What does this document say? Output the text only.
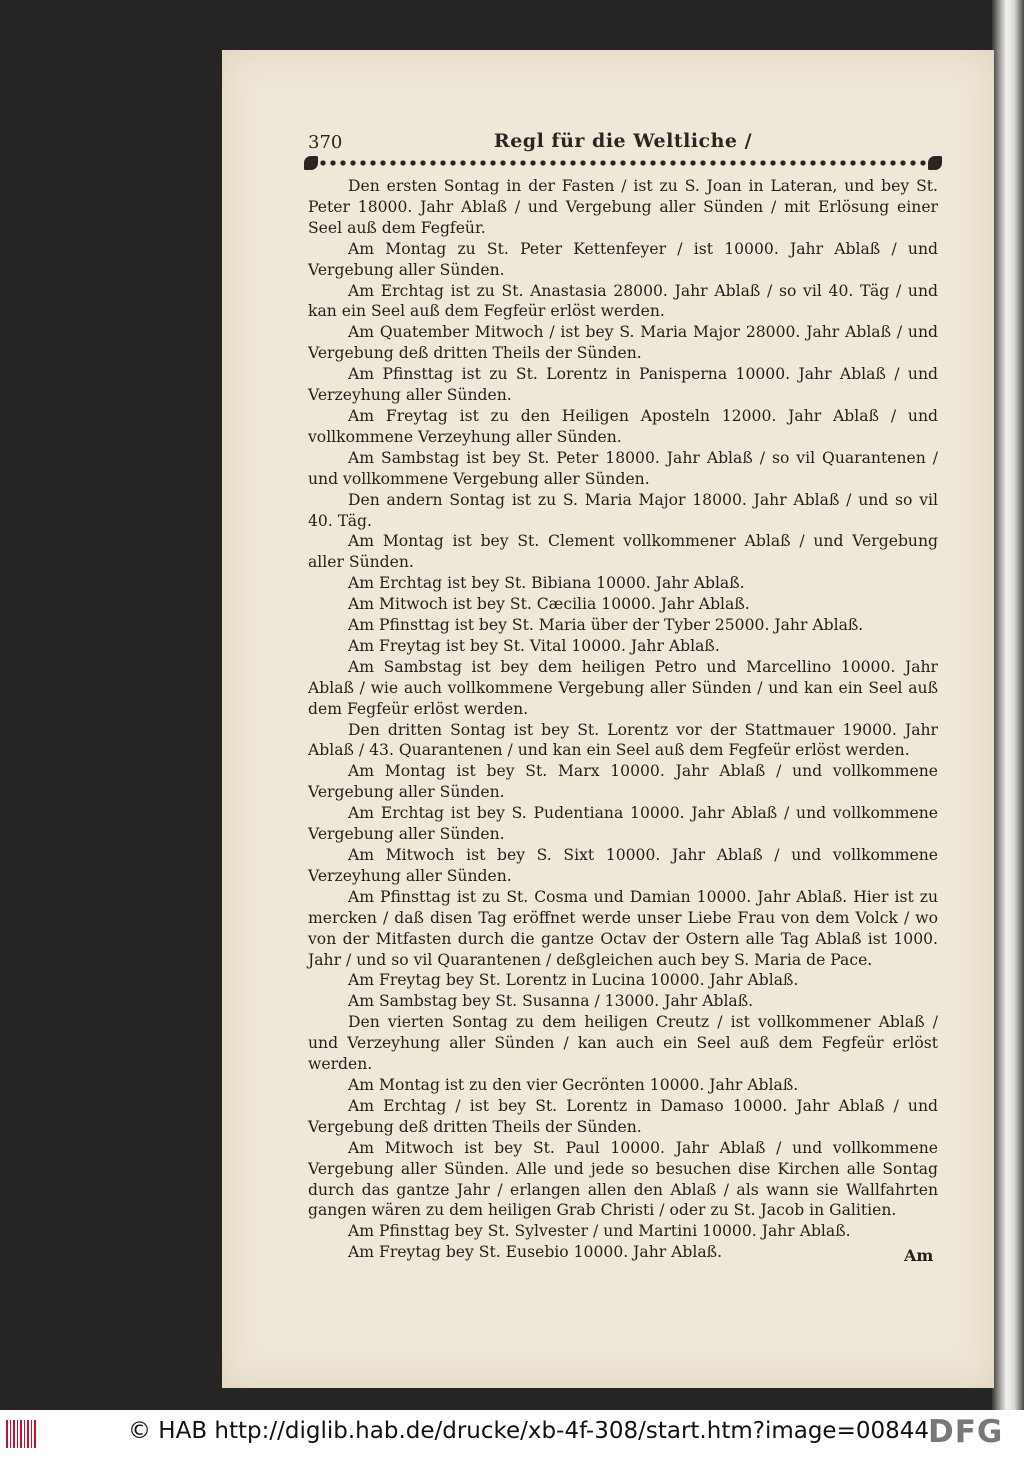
370	Regl für die Weltliche /

Den ersten Sontag in der Fasten / ist zu S. Joan in Lateran, und bey St. Peter 18000. Jahr Ablaß / und Vergebung aller Sünden / mit Erlösung einer Seel auß dem Fegfeür.

Am Montag zu St. Peter Kettenfeyer / ist 10000. Jahr Ablaß / und Vergebung aller Sünden.

Am Erchtag ist zu St. Anastasia 28000. Jahr Ablaß / so vil 40. Täg / und kan ein Seel auß dem Fegfeür erlöst werden.

Am Quatember Mitwoch / ist bey S. Maria Major 28000. Jahr Ablaß / und Vergebung deß dritten Theils der Sünden.

Am Pfinsttag ist zu St. Lorentz in Panisperna 10000. Jahr Ablaß / und Verzeyhung aller Sünden.

Am Freytag ist zu den Heiligen Aposteln 12000. Jahr Ablaß / und vollkommene Verzeyhung aller Sünden.

Am Sambstag ist bey St. Peter 18000. Jahr Ablaß / so vil Quarantenen / und vollkommene Vergebung aller Sünden.

Den andern Sontag ist zu S. Maria Major 18000. Jahr Ablaß / und so vil 40. Täg.

Am Montag ist bey St. Clement vollkommener Ablaß / und Vergebung aller Sünden.

Am Erchtag ist bey St. Bibiana 10000. Jahr Ablaß.

Am Mitwoch ist bey St. Cæcilia 10000. Jahr Ablaß.

Am Pfinsttag ist bey St. Maria über der Tyber 25000. Jahr Ablaß.

Am Freytag ist bey St. Vital 10000. Jahr Ablaß.

Am Sambstag ist bey dem heiligen Petro und Marcellino 10000. Jahr Ablaß / wie auch vollkommene Vergebung aller Sünden / und kan ein Seel auß dem Fegfeür erlöst werden.

Den dritten Sontag ist bey St. Lorentz vor der Stattmauer 19000. Jahr Ablaß / 43. Quarantenen / und kan ein Seel auß dem Fegfeür erlöst werden.

Am Montag ist bey St. Marx 10000. Jahr Ablaß / und vollkommene Vergebung aller Sünden.

Am Erchtag ist bey S. Pudentiana 10000. Jahr Ablaß / und vollkommene Vergebung aller Sünden.

Am Mitwoch ist bey S. Sixt 10000. Jahr Ablaß / und vollkommene Verzeyhung aller Sünden.

Am Pfinsttag ist zu St. Cosma und Damian 10000. Jahr Ablaß. Hier ist zu mercken / daß disen Tag eröffnet werde unser Liebe Frau von dem Volck / wo von der Mitfasten durch die gantze Octav der Ostern alle Tag Ablaß ist 1000. Jahr / und so vil Quarantenen / deßgleichen auch bey S. Maria de Pace.

Am Freytag bey St. Lorentz in Lucina 10000. Jahr Ablaß.

Am Sambstag bey St. Susanna / 13000. Jahr Ablaß.

Den vierten Sontag zu dem heiligen Creutz / ist vollkommener Ablaß / und Verzeyhung aller Sünden / kan auch ein Seel auß dem Fegfeür erlöst werden.

Am Montag ist zu den vier Gecrönten 10000. Jahr Ablaß.

Am Erchtag / ist bey St. Lorentz in Damaso 10000. Jahr Ablaß / und Vergebung deß dritten Theils der Sünden.

Am Mitwoch ist bey St. Paul 10000. Jahr Ablaß / und vollkommene Vergebung aller Sünden. Alle und jede so besuchen dise Kirchen alle Sontag durch das gantze Jahr / erlangen allen den Ablaß / als wann sie Wallfahrten gangen wären zu dem heiligen Grab Christi / oder zu St. Jacob in Galitien.

Am Pfinsttag bey St. Sylvester / und Martini 10000. Jahr Ablaß.

Am Freytag bey St. Eusebio 10000. Jahr Ablaß.	Am
© HAB http://diglib.hab.de/drucke/xb-4f-308/start.htm?image=00844
DFG
